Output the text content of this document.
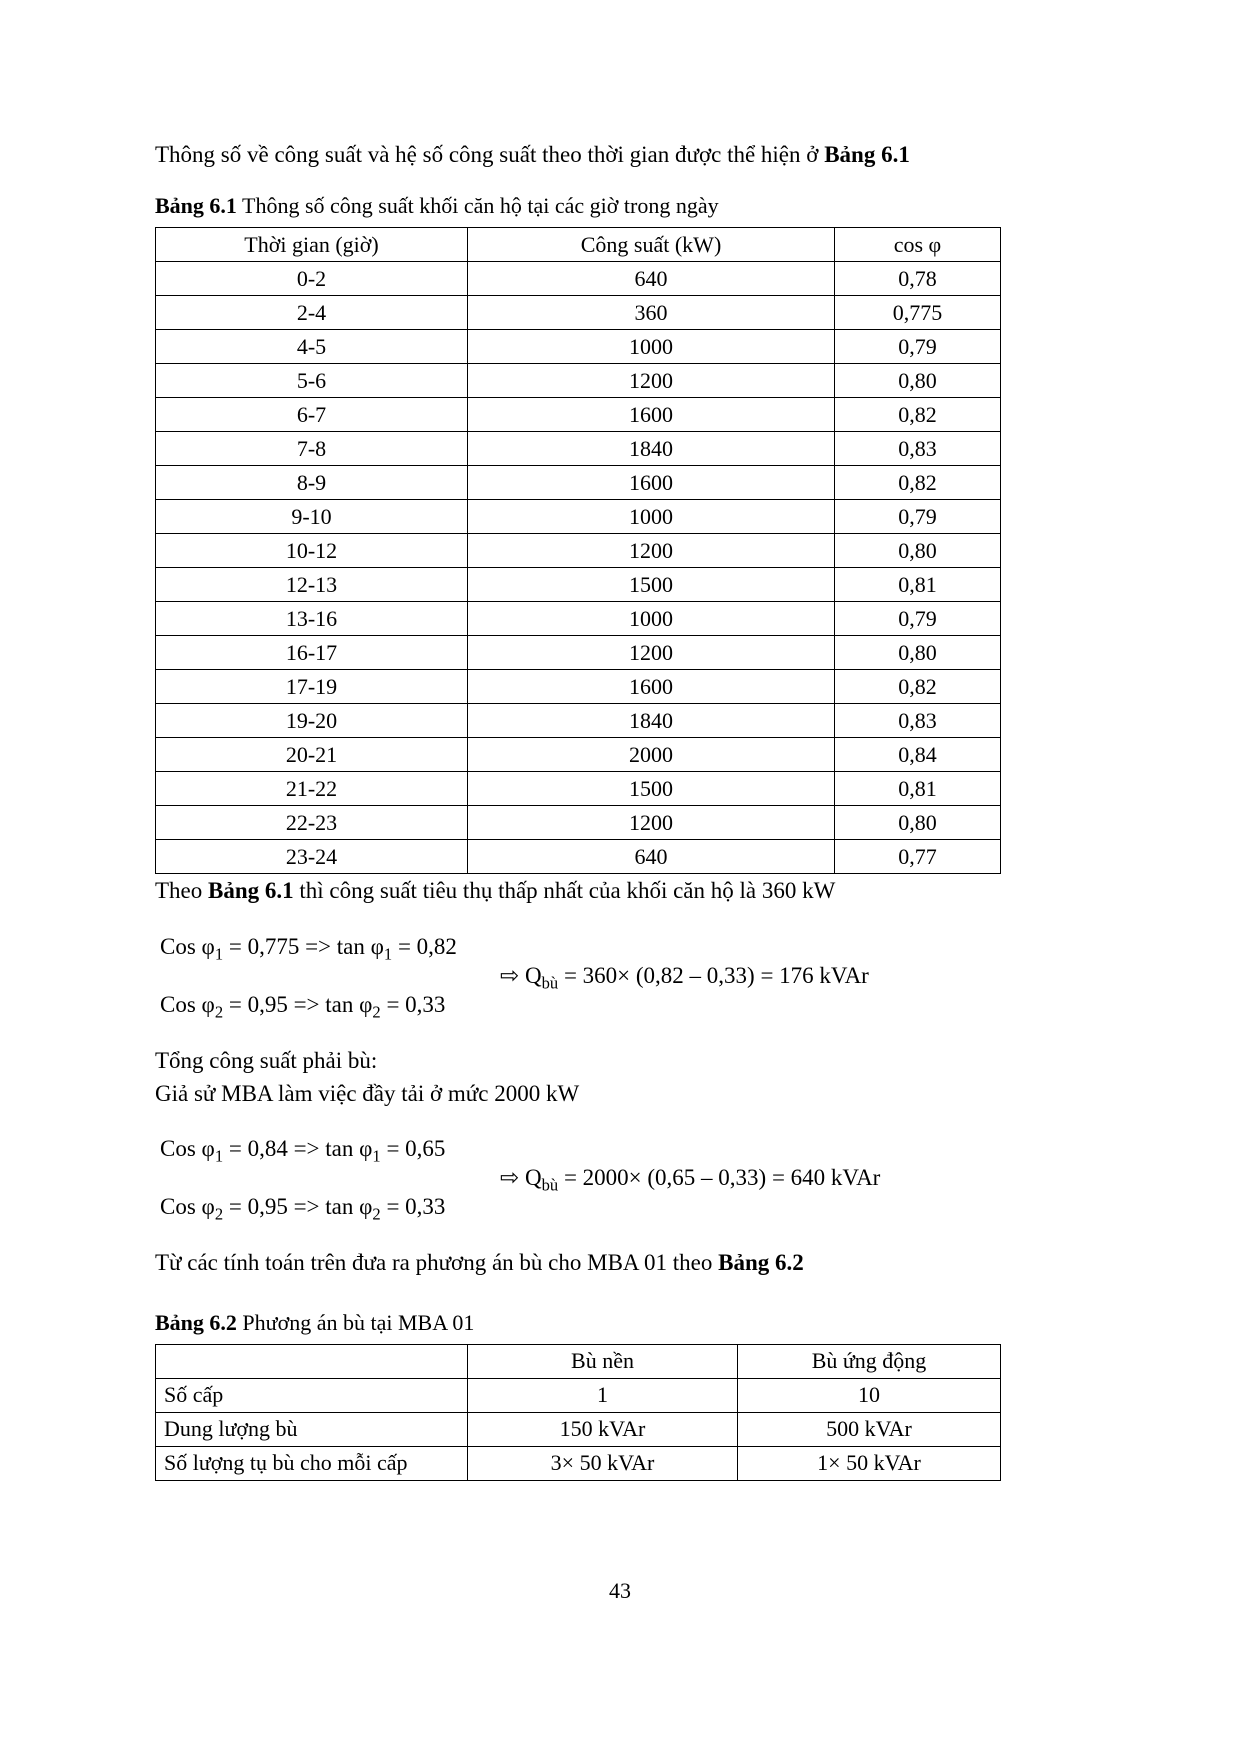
Thông số về công suất và hệ số công suất theo thời gian được thể hiện ở Bảng 6.1

Bảng 6.1 Thông số công suất khối căn hộ tại các giờ trong ngày

Thời gian (giờ)	Công suất (kW)	cos φ
0-2	640	0,78
2-4	360	0,775
4-5	1000	0,79
5-6	1200	0,80
6-7	1600	0,82
7-8	1840	0,83
8-9	1600	0,82
9-10	1000	0,79
10-12	1200	0,80
12-13	1500	0,81
13-16	1000	0,79
16-17	1200	0,80
17-19	1600	0,82
19-20	1840	0,83
20-21	2000	0,84
21-22	1500	0,81
22-23	1200	0,80
23-24	640	0,77

Theo Bảng 6.1 thì công suất tiêu thụ thấp nhất của khối căn hộ là 360 kW

Cos $\varphi_1 = 0,775 => \tan \varphi_1 = 0,82$
⇨ $Q_{bù} = 360\times (0,82 - 0,33) = 176$ kVAr
Cos $\varphi_2 = 0,95 => \tan \varphi_2 = 0,33$

Tổng công suất phải bù:

Giả sử MBA làm việc đầy tải ở mức 2000 kW

Cos $\varphi_1 = 0,84 => \tan \varphi_1 = 0,65$
⇨ $Q_{bù} = 2000\times (0,65 - 0,33) = 640$ kVAr
Cos $\varphi_2 = 0,95 => \tan \varphi_2 = 0,33$

Từ các tính toán trên đưa ra phương án bù cho MBA 01 theo Bảng 6.2

Bảng 6.2 Phương án bù tại MBA 01

	Bù nền	Bù ứng động
Số cấp	1	10
Dung lượng bù	150 kVAr	500 kVAr
Số lượng tụ bù cho mỗi cấp	3× 50 kVAr	1× 50 kVAr
43
